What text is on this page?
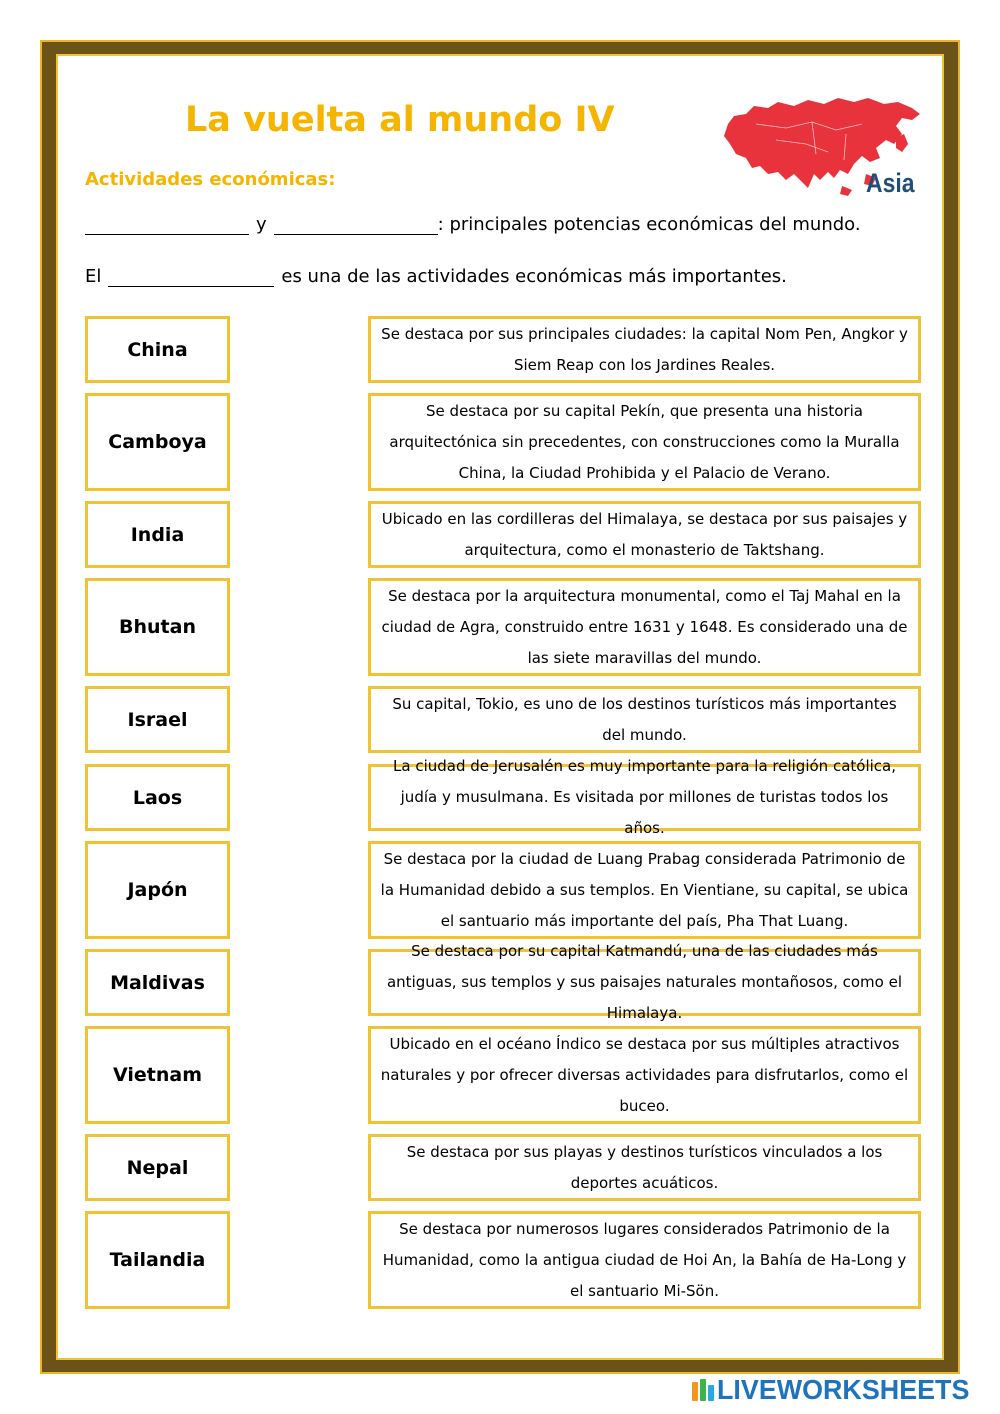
La vuelta al mundo IV
Asia
Actividades económicas:
y	: principales potencias económicas del mundo.
El	es una de las actividades económicas más importantes.
China
Camboya
India
Bhutan
Israel
Laos
Japón
Maldivas
Vietnam
Nepal
Tailandia
Se destaca por sus principales ciudades: la capital Nom Pen, Angkor y Siem Reap con los Jardines Reales.
Se destaca por su capital Pekín, que presenta una historia arquitectónica sin precedentes, con construcciones como la Muralla China, la Ciudad Prohibida y el Palacio de Verano.
Ubicado en las cordilleras del Himalaya, se destaca por sus paisajes y arquitectura, como el monasterio de Taktshang.
Se destaca por la arquitectura monumental, como el Taj Mahal en la ciudad de Agra, construido entre 1631 y 1648. Es considerado una de las siete maravillas del mundo.
Su capital, Tokio, es uno de los destinos turísticos más importantes del mundo.
La ciudad de Jerusalén es muy importante para la religión católica, judía y musulmana. Es visitada por millones de turistas todos los años.
Se destaca por la ciudad de Luang Prabag considerada Patrimonio de la Humanidad debido a sus templos. En Vientiane, su capital, se ubica el santuario más importante del país, Pha That Luang.
Se destaca por su capital Katmandú, una de las ciudades más antiguas, sus templos y sus paisajes naturales montañosos, como el Himalaya.
Ubicado en el océano Índico se destaca por sus múltiples atractivos naturales y por ofrecer diversas actividades para disfrutarlos, como el buceo.
Se destaca por sus playas y destinos turísticos vinculados a los deportes acuáticos.
Se destaca por numerosos lugares considerados Patrimonio de la Humanidad, como la antigua ciudad de Hoi An, la Bahía de Ha-Long y el santuario Mi-Sön.
LIVEWORKSHEETS
